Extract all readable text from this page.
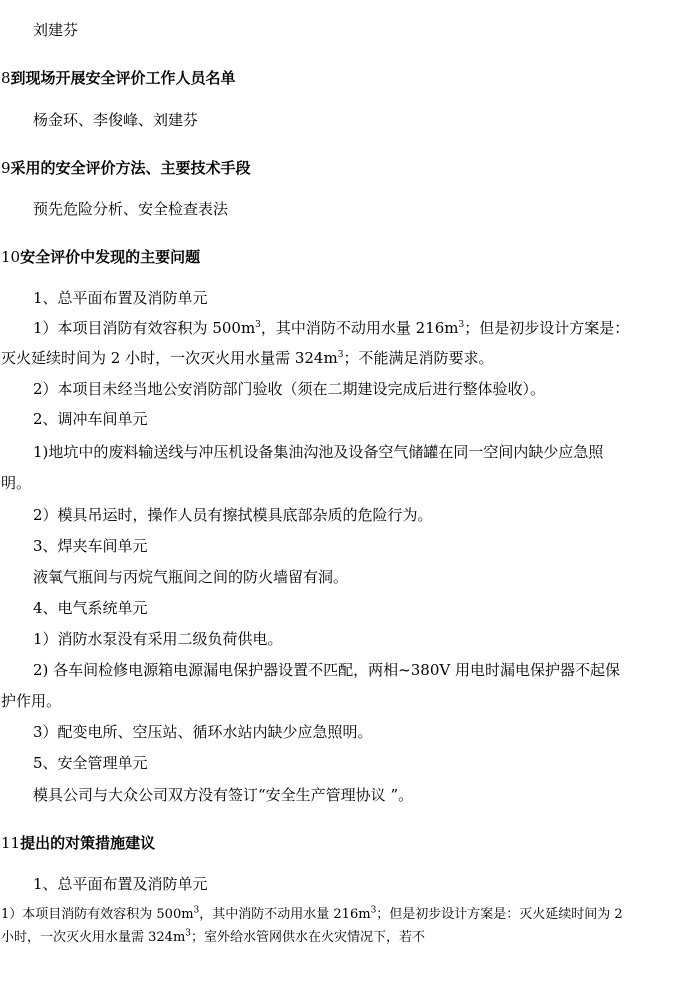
刘建芬
8到现场开展安全评价工作人员名单
杨金环、李俊峰、刘建芬
9采用的安全评价方法、主要技术手段
预先危险分析、安全检查表法
10安全评价中发现的主要问题
1、总平面布置及消防单元
1）本项目消防有效容积为 $500m^3$，其中消防不动用水量 $216m^3$；但是初步设计方案是：
灭火延续时间为 2 小时，一次灭火用水量需 $324m^3$；不能满足消防要求。
2）本项目未经当地公安消防部门验收（须在二期建设完成后进行整体验收）。
2、调冲车间单元
1)地坑中的废料输送线与冲压机设备集油沟池及设备空气储罐在同一空间内缺少应急照
明。
2）模具吊运时，操作人员有擦拭模具底部杂质的危险行为。
3、焊夹车间单元
液氧气瓶间与丙烷气瓶间之间的防火墙留有洞。
4、电气系统单元
1）消防水泵没有采用二级负荷供电。
2) 各车间检修电源箱电源漏电保护器设置不匹配，两相~380V 用电时漏电保护器不起保
护作用。
3）配变电所、空压站、循环水站内缺少应急照明。
5、安全管理单元
模具公司与大众公司双方没有签订“安全生产管理协议 ”。
11提出的对策措施建议
1、总平面布置及消防单元
1）本项目消防有效容积为 $500m^3$，其中消防不动用水量 $216m^3$；但是初步设计方案是：灭火延续时间为 2
小时，一次灭火用水量需 $324m^3$；室外给水管网供水在火灾情况下，若不
